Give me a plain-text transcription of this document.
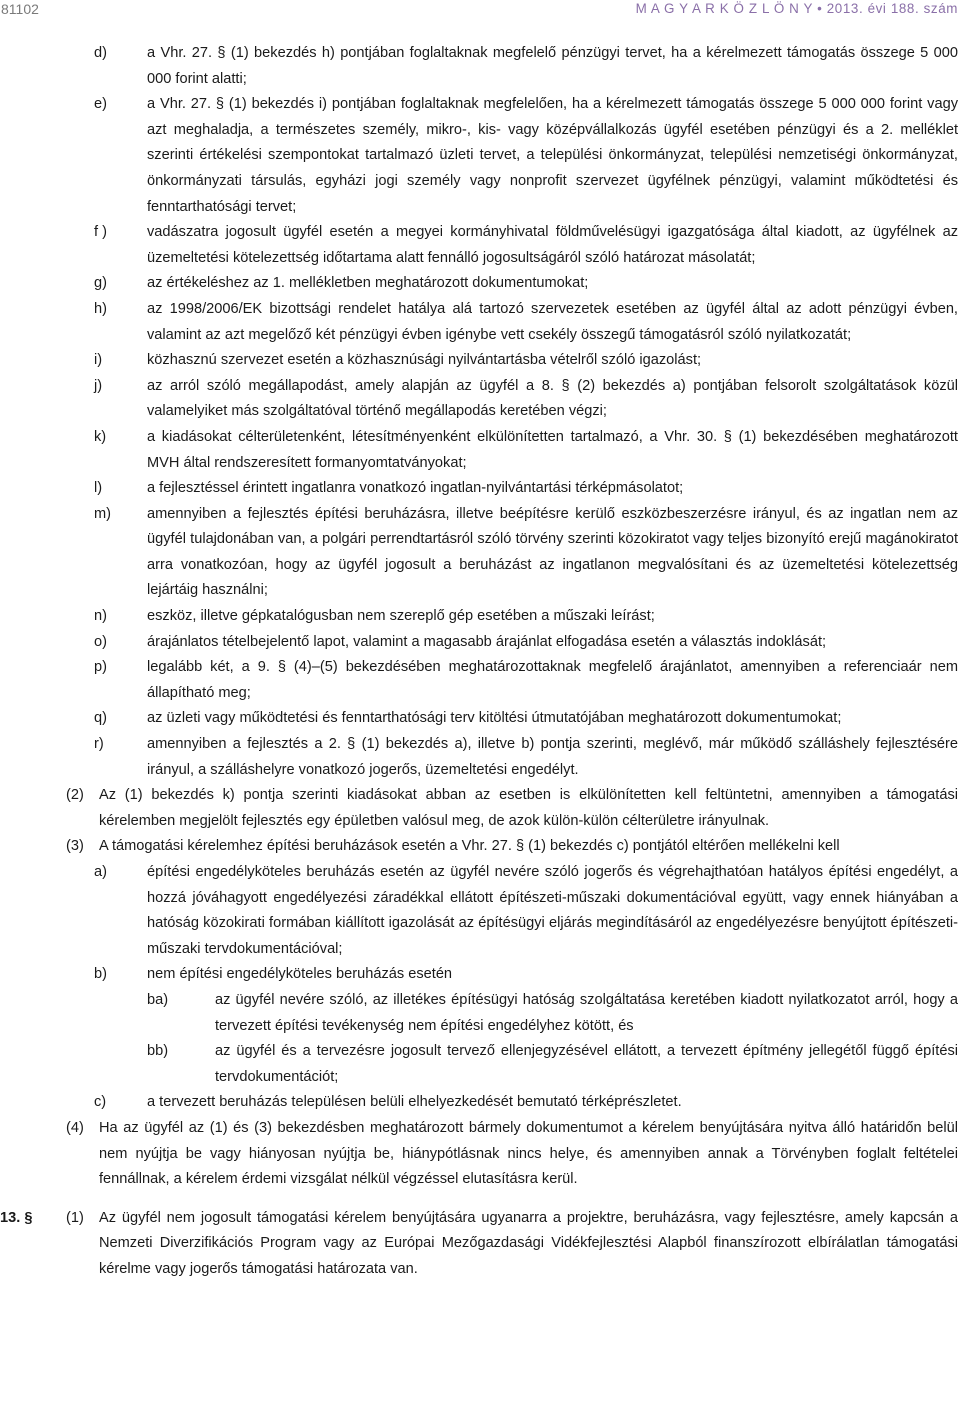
81102	M A G Y A R K Ö Z L Ö N Y • 2013. évi 188. szám
d)	a Vhr. 27. § (1) bekezdés h) pontjában foglaltaknak megfelelő pénzügyi tervet, ha a kérelmezett támogatás összege 5 000 000 forint alatti;
e)	a Vhr. 27. § (1) bekezdés i) pontjában foglaltaknak megfelelően, ha a kérelmezett támogatás összege 5 000 000 forint vagy azt meghaladja, a természetes személy, mikro-, kis- vagy középvállalkozás ügyfél esetében pénzügyi és a 2. melléklet szerinti értékelési szempontokat tartalmazó üzleti tervet, a települési önkormányzat, települési nemzetiségi önkormányzat, önkormányzati társulás, egyházi jogi személy vagy nonprofit szervezet ügyfélnek pénzügyi, valamint működtetési és fenntarthatósági tervet;
f )	vadászatra jogosult ügyfél esetén a megyei kormányhivatal földművelésügyi igazgatósága által kiadott, az ügyfélnek az üzemeltetési kötelezettség időtartama alatt fennálló jogosultságáról szóló határozat másolatát;
g)	az értékeléshez az 1. mellékletben meghatározott dokumentumokat;
h)	az 1998/2006/EK bizottsági rendelet hatálya alá tartozó szervezetek esetében az ügyfél által az adott pénzügyi évben, valamint az azt megelőző két pénzügyi évben igénybe vett csekély összegű támogatásról szóló nyilatkozatát;
i)	közhasznú szervezet esetén a közhasznúsági nyilvántartásba vételről szóló igazolást;
j)	az arról szóló megállapodást, amely alapján az ügyfél a 8. § (2) bekezdés a) pontjában felsorolt szolgáltatások közül valamelyiket más szolgáltatóval történő megállapodás keretében végzi;
k)	a kiadásokat célterületenként, létesítményenként elkülönítetten tartalmazó, a Vhr. 30. § (1) bekezdésében meghatározott MVH által rendszeresített formanyomtatványokat;
l)	a fejlesztéssel érintett ingatlanra vonatkozó ingatlan-nyilvántartási térképmásolatot;
m) amennyiben a fejlesztés építési beruházásra, illetve beépítésre kerülő eszközbeszerzésre irányul, és az ingatlan nem az ügyfél tulajdonában van, a polgári perrendtartásról szóló törvény szerinti közokiratot vagy teljes bizonyító erejű magánokiratot arra vonatkozóan, hogy az ügyfél jogosult a beruházást az ingatlanon megvalósítani és az üzemeltetési kötelezettség lejártáig használni;
n)	eszköz, illetve gépkatalógusban nem szereplő gép esetében a műszaki leírást;
o)	árajánlatos tételbejelentő lapot, valamint a magasabb árajánlat elfogadása esetén a választás indoklását;
p)	legalább két, a 9. § (4)–(5) bekezdésében meghatározottaknak megfelelő árajánlatot, amennyiben a referenciaár nem állapítható meg;
q)	az üzleti vagy működtetési és fenntarthatósági terv kitöltési útmutatójában meghatározott dokumentumokat;
r)	amennyiben a fejlesztés a 2. § (1) bekezdés a), illetve b) pontja szerinti, meglévő, már működő szálláshely fejlesztésére irányul, a szálláshelyre vonatkozó jogerős, üzemeltetési engedélyt.
(2) Az (1) bekezdés k) pontja szerinti kiadásokat abban az esetben is elkülönítetten kell feltüntetni, amennyiben a támogatási kérelemben megjelölt fejlesztés egy épületben valósul meg, de azok külön-külön célterületre irányulnak.
(3) A támogatási kérelemhez építési beruházások esetén a Vhr. 27. § (1) bekezdés c) pontjától eltérően mellékelni kell
a)	építési engedélyköteles beruházás esetén az ügyfél nevére szóló jogerős és végrehajthatóan hatályos építési engedélyt, a hozzá jóváhagyott engedélyezési záradékkal ellátott építészeti-műszaki dokumentációval együtt, vagy ennek hiányában a hatóság közokirati formában kiállított igazolását az építésügyi eljárás megindításáról az engedélyezésre benyújtott építészeti-műszaki tervdokumentációval;
b)	nem építési engedélyköteles beruházás esetén
ba)	az ügyfél nevére szóló, az illetékes építésügyi hatóság szolgáltatása keretében kiadott nyilatkozatot arról, hogy a tervezett építési tevékenység nem építési engedélyhez kötött, és
bb)	az ügyfél és a tervezésre jogosult tervező ellenjegyzésével ellátott, a tervezett építmény jellegétől függő építési tervdokumentációt;
c)	a tervezett beruházás településen belüli elhelyezkedését bemutató térképrészletet.
(4) Ha az ügyfél az (1) és (3) bekezdésben meghatározott bármely dokumentumot a kérelem benyújtására nyitva álló határidőn belül nem nyújtja be vagy hiányosan nyújtja be, hiánypótlásnak nincs helye, és amennyiben annak a Törvényben foglalt feltételei fennállnak, a kérelem érdemi vizsgálat nélkül végzéssel elutasításra kerül.
13. § (1) Az ügyfél nem jogosult támogatási kérelem benyújtására ugyanarra a projektre, beruházásra, vagy fejlesztésre, amely kapcsán a Nemzeti Diverzifikációs Program vagy az Európai Mezőgazdasági Vidékfejlesztési Alapból finanszírozott elbírálatlan támogatási kérelme vagy jogerős támogatási határozata van.
